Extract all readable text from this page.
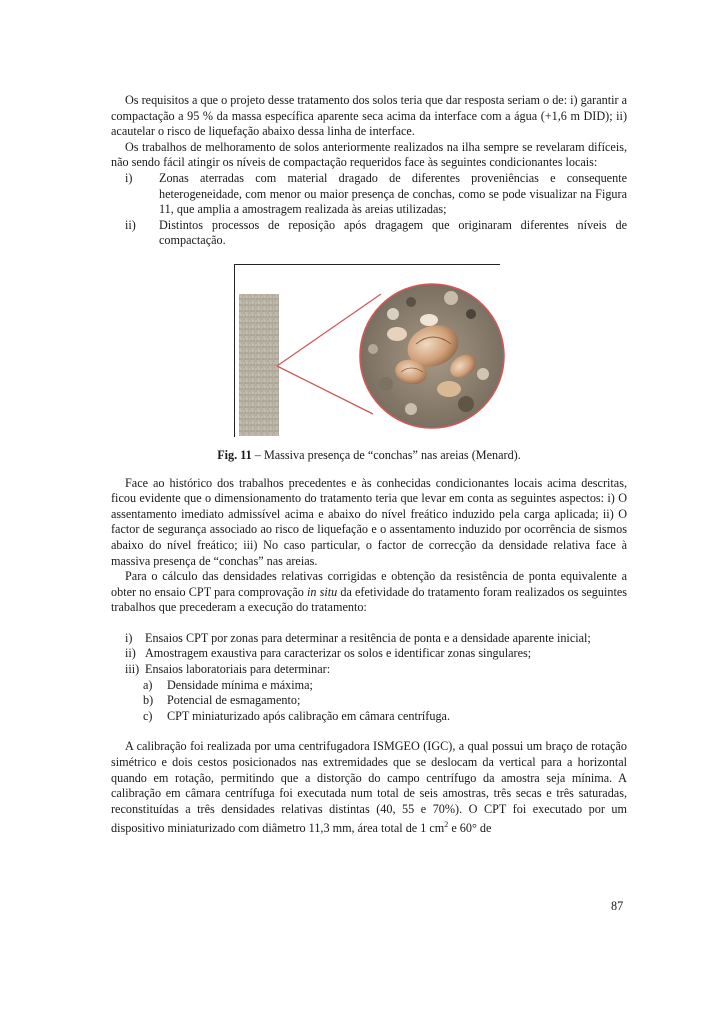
Os requisitos a que o projeto desse tratamento dos solos teria que dar resposta seriam o de: i) garantir a compactação a 95 % da massa específica aparente seca acima da interface com a água (+1,6 m DID); ii) acautelar o risco de liquefação abaixo dessa linha de interface.

Os trabalhos de melhoramento de solos anteriormente realizados na ilha sempre se revelaram difíceis, não sendo fácil atingir os níveis de compactação requeridos face às seguintes condicionantes locais:

i) Zonas aterradas com material dragado de diferentes proveniências e consequente heterogeneidade, com menor ou maior presença de conchas, como se pode visualizar na Figura 11, que amplia a amostragem realizada às areias utilizadas;
ii) Distintos processos de reposição após dragagem que originaram diferentes níveis de compactação.

Fig. 11 – Massiva presença de “conchas” nas areias (Menard).

Face ao histórico dos trabalhos precedentes e às conhecidas condicionantes locais acima descritas, ficou evidente que o dimensionamento do tratamento teria que levar em conta as seguintes aspectos: i) O assentamento imediato admissível acima e abaixo do nível freático induzido pela carga aplicada; ii) O factor de segurança associado ao risco de liquefação e o assentamento induzido por ocorrência de sismos abaixo do nível freático; iii) No caso particular, o factor de correcção da densidade relativa face à massiva presença de “conchas” nas areias.

Para o cálculo das densidades relativas corrigidas e obtenção da resistência de ponta equivalente a obter no ensaio CPT para comprovação in situ da efetividade do tratamento foram realizados os seguintes trabalhos que precederam a execução do tratamento:

i) Ensaios CPT por zonas para determinar a resitência de ponta e a densidade aparente inicial;
ii) Amostragem exaustiva para caracterizar os solos e identificar zonas singulares;
iii) Ensaios laboratoriais para determinar:
a) Densidade mínima e máxima;
b) Potencial de esmagamento;
c) CPT miniaturizado após calibração em câmara centrífuga.

A calibração foi realizada por uma centrifugadora ISMGEO (IGC), a qual possui um braço de rotação simétrico e dois cestos posicionados nas extremidades que se deslocam da vertical para a horizontal quando em rotação, permitindo que a distorção do campo centrífugo da amostra seja mínima. A calibração em câmara centrífuga foi executada num total de seis amostras, três secas e três saturadas, reconstituídas a três densidades relativas distintas (40, 55 e 70%). O CPT foi executado por um dispositivo miniaturizado com diâmetro 11,3 mm, área total de 1 $cm^2$ e 60° de

87
